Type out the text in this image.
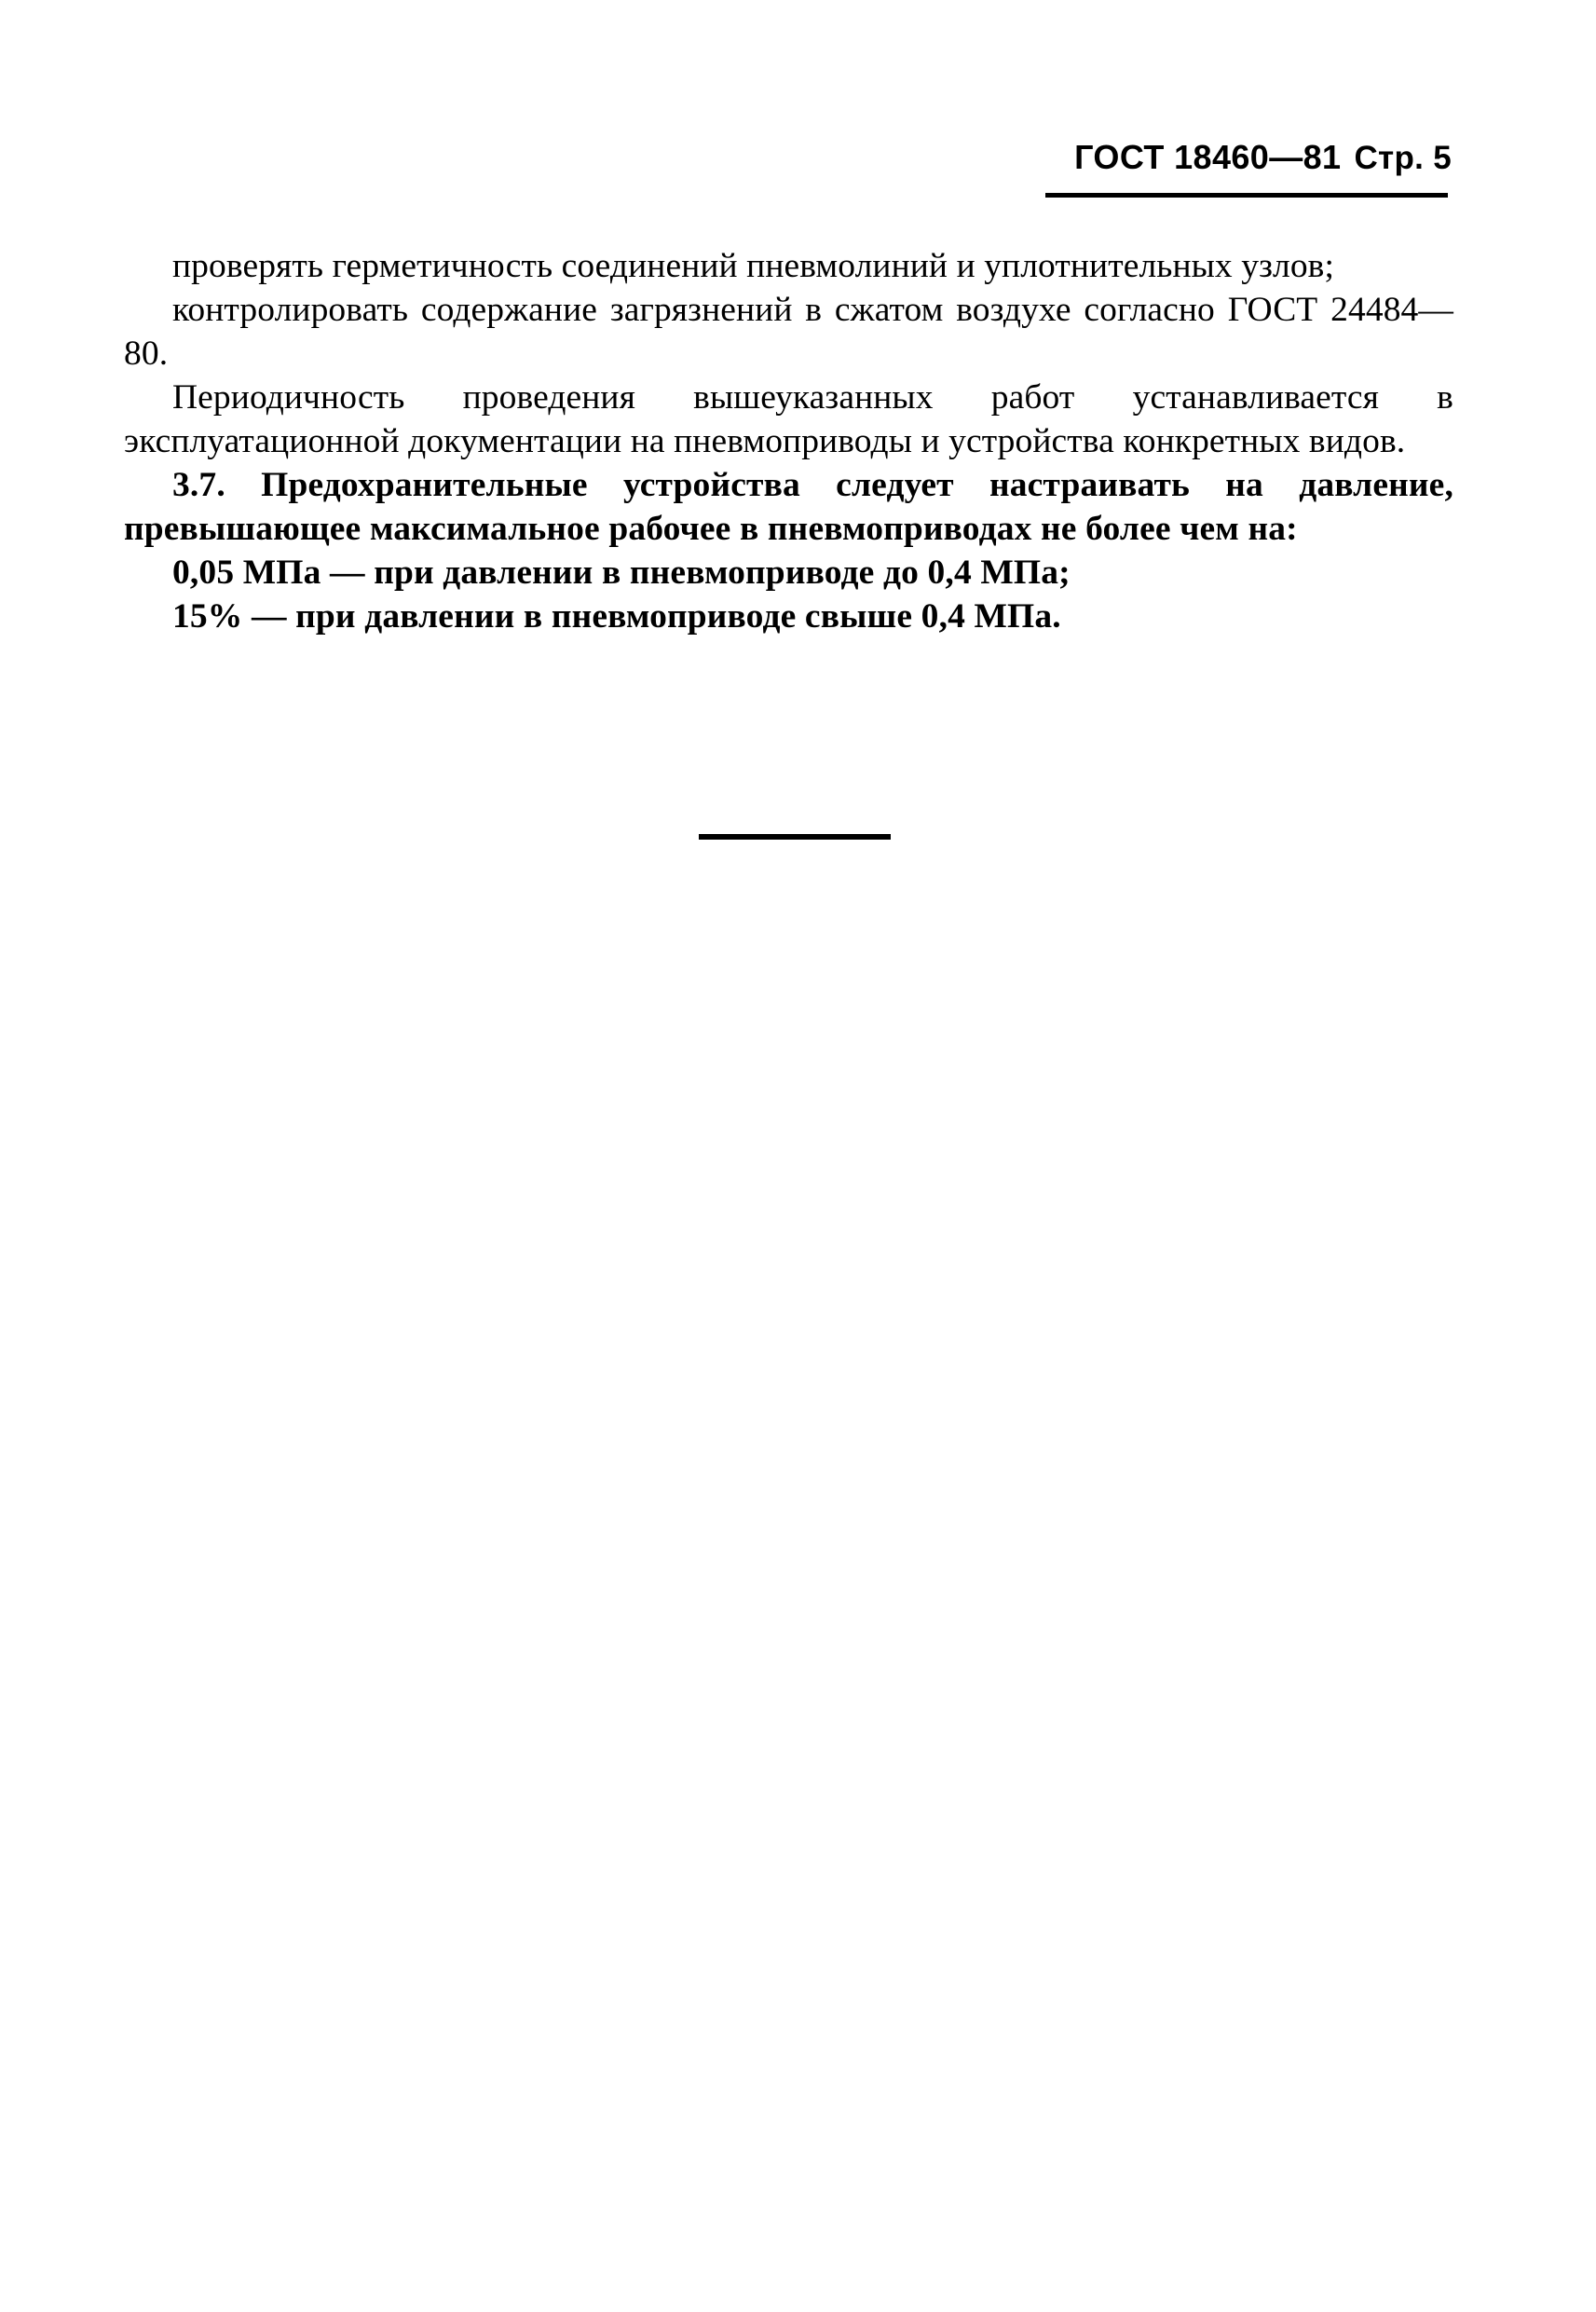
ГОСТ 18460—81 Стр. 5

проверять герметичность соединений пневмолиний и уплотнительных узлов;

контролировать содержание загрязнений в сжатом воздухе согласно ГОСТ 24484—80.

Периодичность проведения вышеуказанных работ устанавливается в эксплуатационной документации на пневмоприводы и устройства конкретных видов.

3.7. Предохранительные устройства следует настраивать на давление, превышающее максимальное рабочее в пневмоприводах не более чем на:

0,05 МПа — при давлении в пневмоприводе до 0,4 МПа;

15% — при давлении в пневмоприводе свыше 0,4 МПа.
